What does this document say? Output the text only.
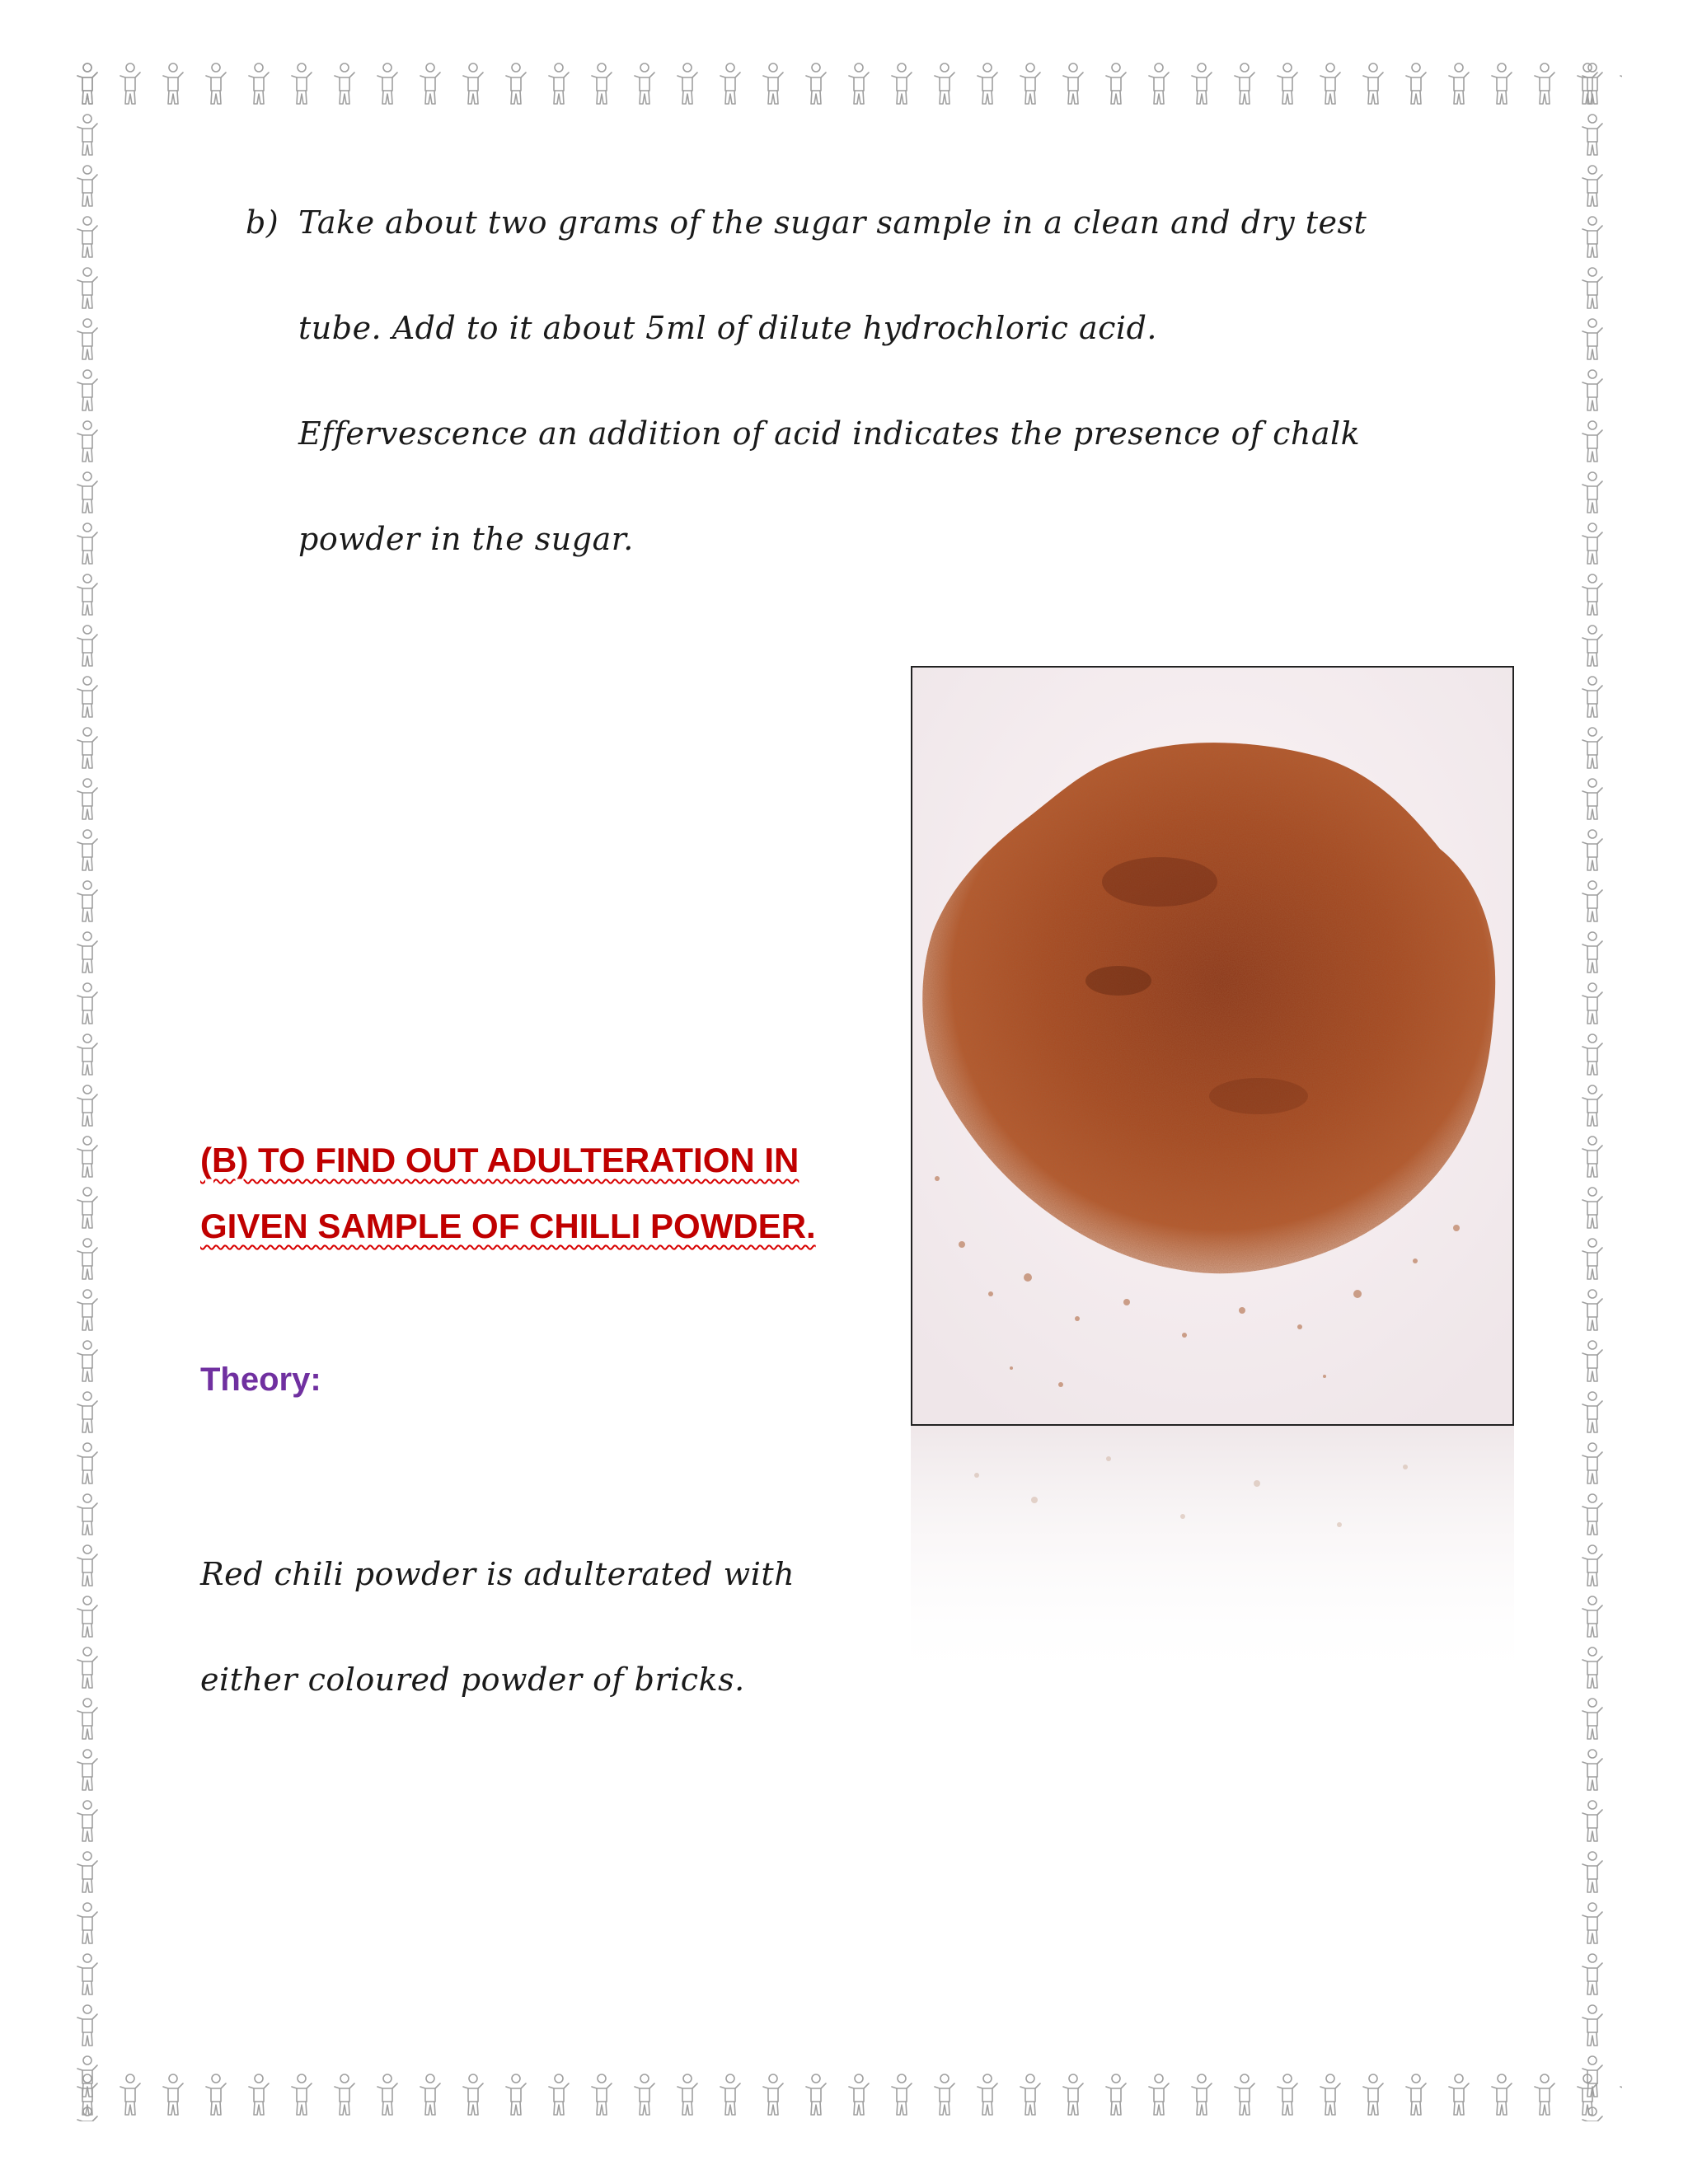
b) Take about two grams of the sugar sample in a clean and dry test
tube. Add to it about 5ml of dilute hydrochloric acid.
Effervescence an addition of acid indicates the presence of chalk
powder in the sugar.
(B) TO FIND OUT ADULTERATION IN
GIVEN SAMPLE OF CHILLI POWDER.
Theory:
Red chili powder is adulterated with
either coloured powder of bricks.
